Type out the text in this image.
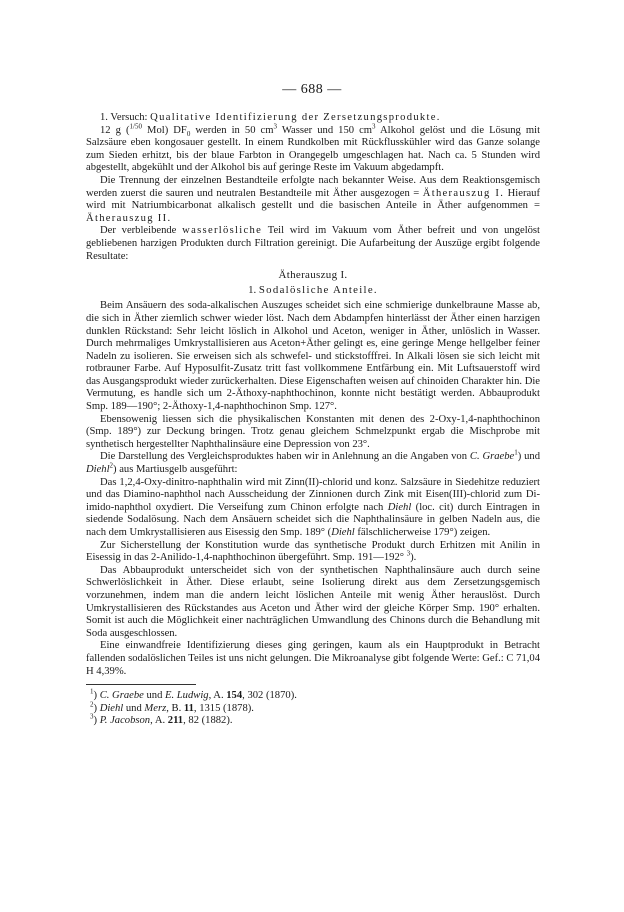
— 688 —

1. Versuch: Qualitative Identifizierung der Zersetzungsprodukte.

12 g ($^{1/50}$ Mol) $DF_0$ werden in 50 $cm^3$ Wasser und 150 $cm^3$ Alkohol gelöst und die Lösung mit Salzsäure eben kongosauer gestellt. In einem Rundkolben mit Rückflusskühler wird das Ganze solange zum Sieden erhitzt, bis der blaue Farbton in Orangegelb umgeschlagen hat. Nach ca. 5 Stunden wird abgestellt, abgekühlt und der Alkohol bis auf geringe Reste im Vakuum abgedampft.

Die Trennung der einzelnen Bestandteile erfolgte nach bekannter Weise. Aus dem Reaktionsgemisch werden zuerst die sauren und neutralen Bestandteile mit Äther ausgezogen = Ätherauszug I. Hierauf wird mit Natriumbicarbonat alkalisch gestellt und die basischen Anteile in Äther aufgenommen = Ätherauszug II.

Der verbleibende wasserlösliche Teil wird im Vakuum vom Äther befreit und von ungelöst gebliebenen harzigen Produkten durch Filtration gereinigt. Die Aufarbeitung der Auszüge ergibt folgende Resultate:

Ätherauszug I.
1. Sodalösliche Anteile.

Beim Ansäuern des soda-alkalischen Auszuges scheidet sich eine schmierige dunkelbraune Masse ab, die sich in Äther ziemlich schwer wieder löst. Nach dem Abdampfen hinterlässt der Äther einen harzigen dunklen Rückstand: Sehr leicht löslich in Alkohol und Aceton, weniger in Äther, unlöslich in Wasser. Durch mehrmaliges Umkrystallisieren aus Aceton+Äther gelingt es, eine geringe Menge hellgelber feiner Nadeln zu isolieren. Sie erweisen sich als schwefel- und stickstofffrei. In Alkali lösen sie sich leicht mit rotbrauner Farbe. Auf Hyposulfit-Zusatz tritt fast vollkommene Entfärbung ein. Mit Luftsauerstoff wird das Ausgangsprodukt wieder zurückerhalten. Diese Eigenschaften weisen auf chinoiden Charakter hin. Die Vermutung, es handle sich um 2-Äthoxy-naphthochinon, konnte nicht bestätigt werden. Abbauprodukt Smp. 189—190°; 2-Äthoxy-1,4-naphthochinon Smp. 127°.

Ebensowenig liessen sich die physikalischen Konstanten mit denen des 2-Oxy-1,4-naphthochinon (Smp. 189°) zur Deckung bringen. Trotz genau gleichem Schmelzpunkt ergab die Mischprobe mit synthetisch hergestellter Naphthalinsäure eine Depression von 23°.

Die Darstellung des Vergleichsproduktes haben wir in Anlehnung an die Angaben von C. Graebe$^1$) und Diehl$^2$) aus Martiusgelb ausgeführt:

Das 1,2,4-Oxy-dinitro-naphthalin wird mit Zinn(II)-chlorid und konz. Salzsäure in Siedehitze reduziert und das Diamino-naphthol nach Ausscheidung der Zinnionen durch Zink mit Eisen(III)-chlorid zum Di-imido-naphthol oxydiert. Die Verseifung zum Chinon erfolgte nach Diehl (loc. cit) durch Eintragen in siedende Sodalösung. Nach dem Ansäuern scheidet sich die Naphthalinsäure in gelben Nadeln aus, die nach dem Umkrystallisieren aus Eisessig den Smp. 189° (Diehl fälschlicherweise 179°) zeigen.

Zur Sicherstellung der Konstitution wurde das synthetische Produkt durch Erhitzen mit Anilin in Eisessig in das 2-Anilido-1,4-naphthochinon übergeführt. Smp. 191—192° $^3$).

Das Abbauprodukt unterscheidet sich von der synthetischen Naphthalinsäure auch durch seine Schwerlöslichkeit in Äther. Diese erlaubt, seine Isolierung direkt aus dem Zersetzungsgemisch vorzunehmen, indem man die andern leicht löslichen Anteile mit wenig Äther herauslöst. Durch Umkrystallisieren des Rückstandes aus Aceton und Äther wird der gleiche Körper Smp. 190° erhalten. Somit ist auch die Möglichkeit einer nachträglichen Umwandlung des Chinons durch die Behandlung mit Soda ausgeschlossen.

Eine einwandfreie Identifizierung dieses ging geringen, kaum als ein Hauptprodukt in Betracht fallenden sodalöslichen Teiles ist uns nicht gelungen. Die Mikroanalyse gibt folgende Werte: Gef.: C 71,04 H 4,39%.

$^1$) C. Graebe und E. Ludwig, A. 154, 302 (1870).
$^2$) Diehl und Merz, B. 11, 1315 (1878).
$^3$) P. Jacobson, A. 211, 82 (1882).
